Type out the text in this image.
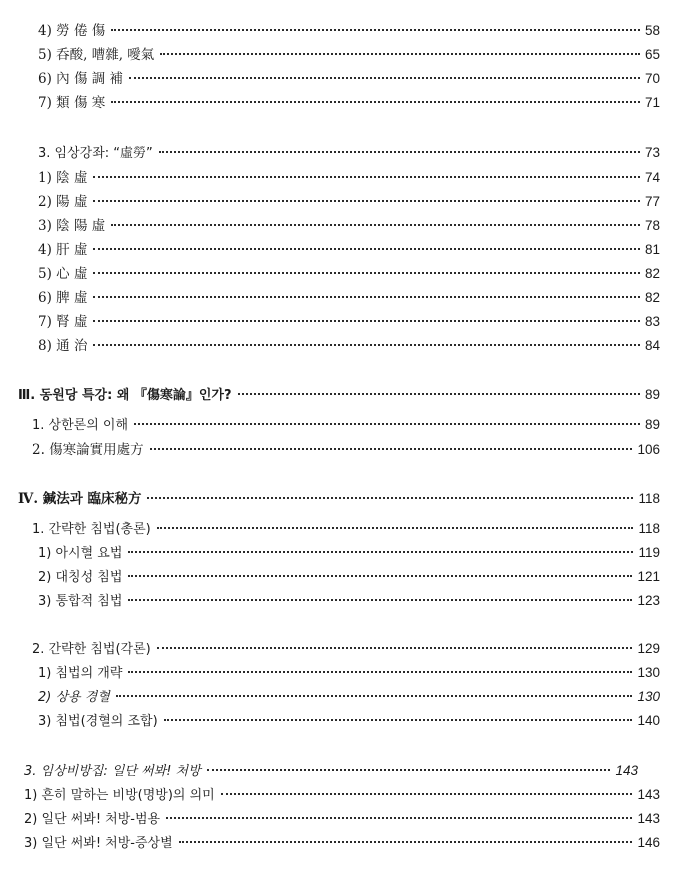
4) 勞 倦 傷	58
5) 呑酸, 嘈雜, 噯氣	65
6) 內 傷 調 補	70
7) 類 傷 寒	71
3. 임상강좌: “虛勞”	73
1) 陰 虛	74
2) 陽 虛	77
3) 陰 陽 虛	78
4) 肝 虛	81
5) 心 虛	82
6) 脾 虛	82
7) 腎 虛	83
8) 通 治	84
Ⅲ. 동원당 특강: 왜 『傷寒論』인가?	89
1. 상한론의 이해	89
2. 傷寒論實用處方	106
Ⅳ. 鍼法과 臨床秘方	118
1. 간략한 침법(총론)	118
1) 아시혈 요법	119
2) 대칭성 침법	121
3) 통합적 침법	123
2. 간략한 침법(각론)	129
1) 침법의 개략	130
2) 상용 경혈	130
3) 침법(경혈의 조합)	140
3. 임상비방집: 일단 써봐! 처방	143
1) 흔히 말하는 비방(명방)의 의미	143
2) 일단 써봐! 처방-범용	143
3) 일단 써봐! 처방-증상별	146
